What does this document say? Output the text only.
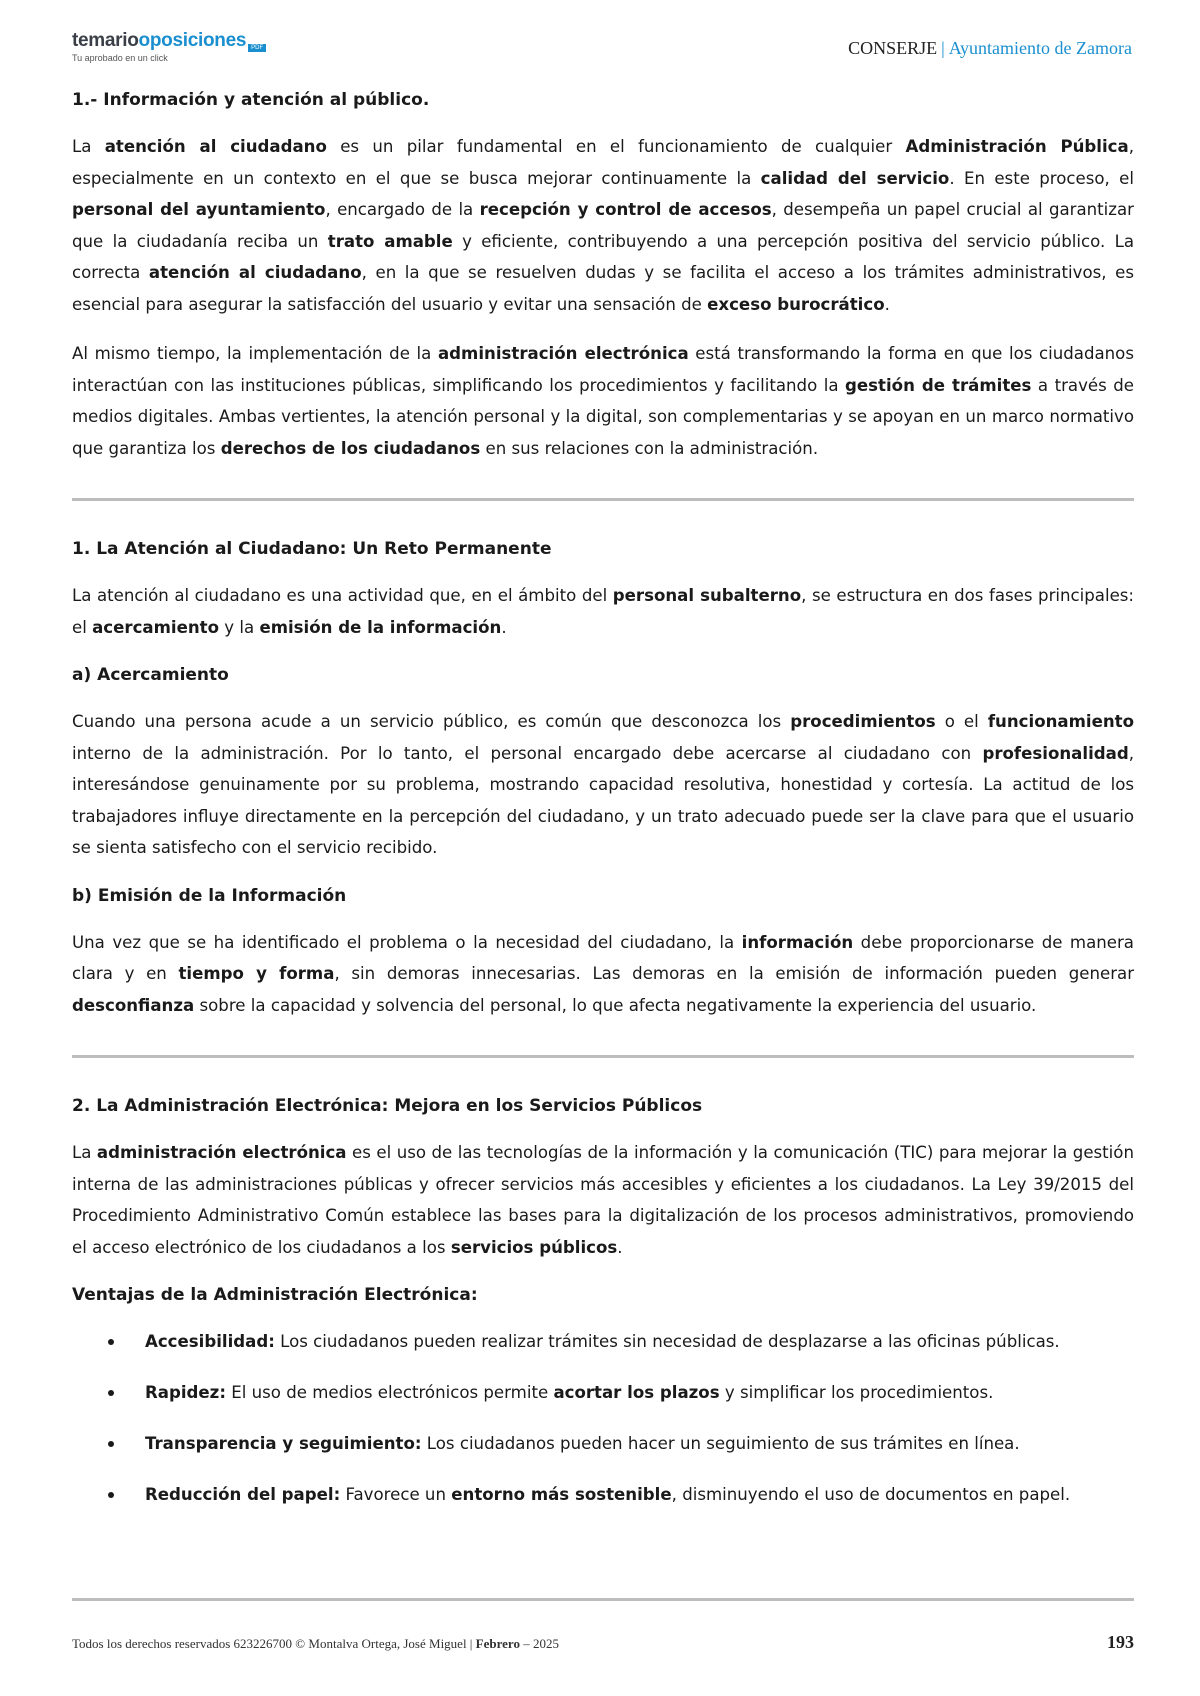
temariooposiciones PDF
Tu aprobado en un click	CONSERJE | Ayuntamiento de Zamora
1.- Información y atención al público.

La atención al ciudadano es un pilar fundamental en el funcionamiento de cualquier Administración Pública, especialmente en un contexto en el que se busca mejorar continuamente la calidad del servicio. En este proceso, el personal del ayuntamiento, encargado de la recepción y control de accesos, desempeña un papel crucial al garantizar que la ciudadanía reciba un trato amable y eficiente, contribuyendo a una percepción positiva del servicio público. La correcta atención al ciudadano, en la que se resuelven dudas y se facilita el acceso a los trámites administrativos, es esencial para asegurar la satisfacción del usuario y evitar una sensación de exceso burocrático.

Al mismo tiempo, la implementación de la administración electrónica está transformando la forma en que los ciudadanos interactúan con las instituciones públicas, simplificando los procedimientos y facilitando la gestión de trámites a través de medios digitales. Ambas vertientes, la atención personal y la digital, son complementarias y se apoyan en un marco normativo que garantiza los derechos de los ciudadanos en sus relaciones con la administración.

1. La Atención al Ciudadano: Un Reto Permanente

La atención al ciudadano es una actividad que, en el ámbito del personal subalterno, se estructura en dos fases principales: el acercamiento y la emisión de la información.

a) Acercamiento

Cuando una persona acude a un servicio público, es común que desconozca los procedimientos o el funcionamiento interno de la administración. Por lo tanto, el personal encargado debe acercarse al ciudadano con profesionalidad, interesándose genuinamente por su problema, mostrando capacidad resolutiva, honestidad y cortesía. La actitud de los trabajadores influye directamente en la percepción del ciudadano, y un trato adecuado puede ser la clave para que el usuario se sienta satisfecho con el servicio recibido.

b) Emisión de la Información

Una vez que se ha identificado el problema o la necesidad del ciudadano, la información debe proporcionarse de manera clara y en tiempo y forma, sin demoras innecesarias. Las demoras en la emisión de información pueden generar desconfianza sobre la capacidad y solvencia del personal, lo que afecta negativamente la experiencia del usuario.

2. La Administración Electrónica: Mejora en los Servicios Públicos

La administración electrónica es el uso de las tecnologías de la información y la comunicación (TIC) para mejorar la gestión interna de las administraciones públicas y ofrecer servicios más accesibles y eficientes a los ciudadanos. La Ley 39/2015 del Procedimiento Administrativo Común establece las bases para la digitalización de los procesos administrativos, promoviendo el acceso electrónico de los ciudadanos a los servicios públicos.

Ventajas de la Administración Electrónica:
Accesibilidad: Los ciudadanos pueden realizar trámites sin necesidad de desplazarse a las oficinas públicas.
Rapidez: El uso de medios electrónicos permite acortar los plazos y simplificar los procedimientos.
Transparencia y seguimiento: Los ciudadanos pueden hacer un seguimiento de sus trámites en línea.
Reducción del papel: Favorece un entorno más sostenible, disminuyendo el uso de documentos en papel.
Todos los derechos reservados 623226700 © Montalva Ortega, José Miguel | Febrero – 2025	193
